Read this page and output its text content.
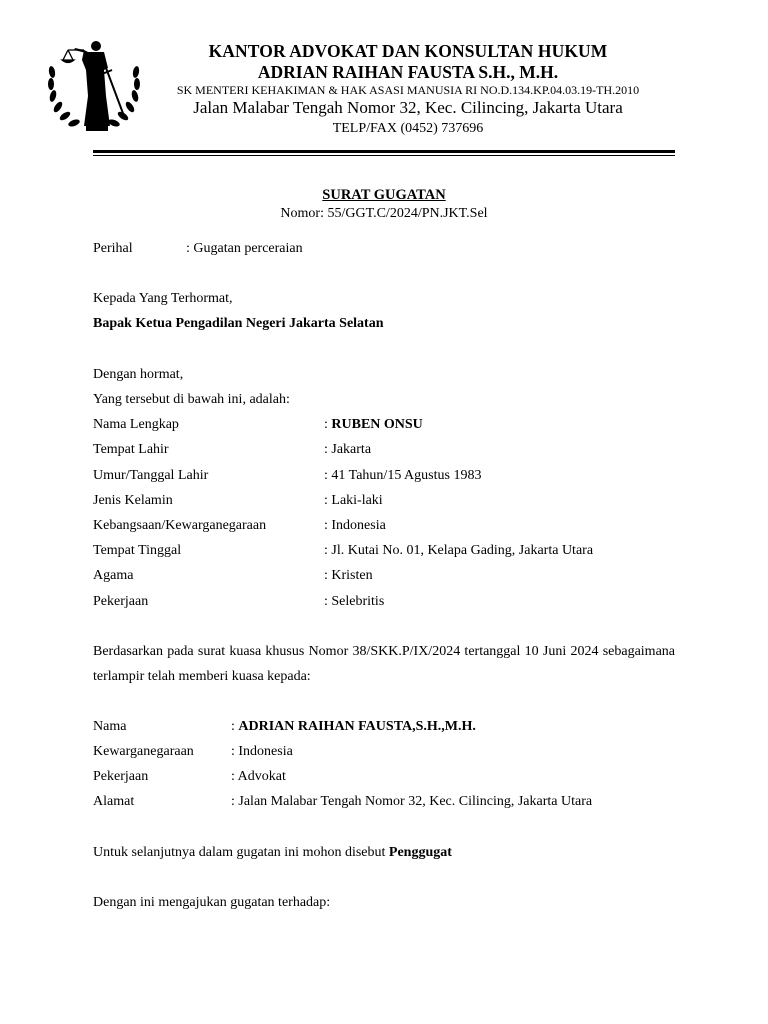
KANTOR ADVOKAT DAN KONSULTAN HUKUM
ADRIAN RAIHAN FAUSTA S.H., M.H.
SK MENTERI KEHAKIMAN & HAK ASASI MANUSIA RI NO.D.134.KP.04.03.19-TH.2010
Jalan Malabar Tengah Nomor 32, Kec. Cilincing, Jakarta Utara
TELP/FAX (0452) 737696
SURAT GUGATAN
Nomor: 55/GGT.C/2024/PN.JKT.Sel
Perihal	: Gugatan perceraian
Kepada Yang Terhormat,
Bapak Ketua Pengadilan Negeri Jakarta Selatan
Dengan hormat,
Yang tersebut di bawah ini, adalah:
Nama Lengkap	: RUBEN ONSU
Tempat Lahir	: Jakarta
Umur/Tanggal Lahir	: 41 Tahun/15 Agustus 1983
Jenis Kelamin	: Laki-laki
Kebangsaan/Kewarganegaraan	: Indonesia
Tempat Tinggal	: Jl. Kutai No. 01, Kelapa Gading, Jakarta Utara
Agama	: Kristen
Pekerjaan	: Selebritis
Berdasarkan pada surat kuasa khusus Nomor 38/SKK.P/IX/2024 tertanggal 10 Juni 2024 sebagaimana terlampir telah memberi kuasa kepada:
Nama	: ADRIAN RAIHAN FAUSTA,S.H.,M.H.
Kewarganegaraan	: Indonesia
Pekerjaan	: Advokat
Alamat	: Jalan Malabar Tengah Nomor 32, Kec. Cilincing, Jakarta Utara
Untuk selanjutnya dalam gugatan ini mohon disebut Penggugat
Dengan ini mengajukan gugatan terhadap:
